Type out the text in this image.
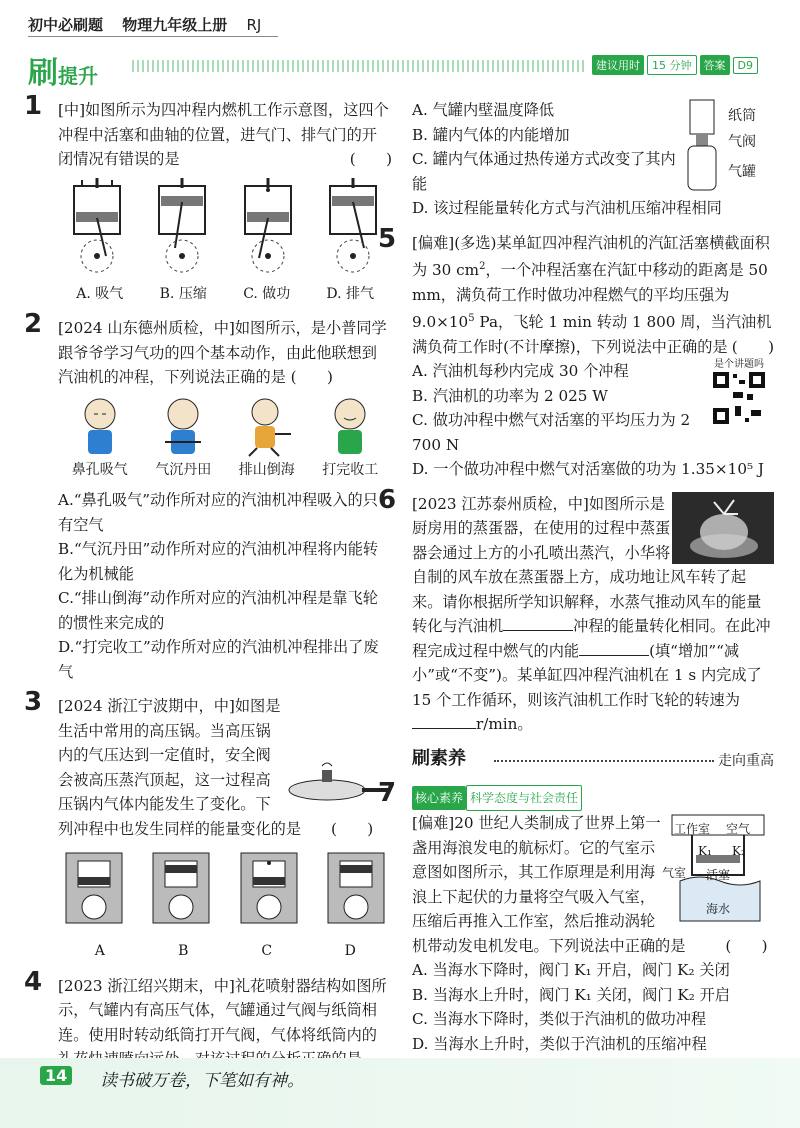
初中必刷题 物理九年级上册 RJ
刷提升	建议用时	15 分钟	答案	D9
1 [中]如图所示为四冲程内燃机工作示意图，这四个冲程中活塞和曲轴的位置，进气门、排气门的开闭情况有错误的是	(　　)

A. 吸气	B. 压缩	C. 做功	D. 排气
2 [2024 山东德州质检，中]如图所示，是小普同学跟爷爷学习气功的四个基本动作，由此他联想到汽油机的冲程，下列说法正确的是 (　　)

鼻孔吸气	气沉丹田	排山倒海	打完收工

A.“鼻孔吸气”动作所对应的汽油机冲程吸入的只有空气

B.“气沉丹田”动作所对应的汽油机冲程将内能转化为机械能

C.“排山倒海”动作所对应的汽油机冲程是靠飞轮的惯性来完成的

D.“打完收工”动作所对应的汽油机冲程排出了废气

3 [2024 浙江宁波期中，中]如图是生活中常用的高压锅。当高压锅内的气压达到一定值时，安全阀会被高压蒸汽顶起，这一过程高压锅内气体内能发生了变化。下列冲程中也发生同样的能量变化的是 (　　)

A	B	C	D
4 [2023 浙江绍兴期末，中]礼花喷射器结构如图所示，气罐内有高压气体，气罐通过气阀与纸筒相连。使用时转动纸筒打开气阀，气体将纸筒内的

纸筒
气阀
气罐

A. 气罐内壁温度降低

B. 罐内气体的内能增加

C. 罐内气体通过热传递方式改变了其内能

D. 该过程能量转化方式与汽油机压缩冲程相同

5 [偏难](多选)某单缸四冲程汽油机的汽缸活塞横截面积为 30 $cm^2$，一个冲程活塞在汽缸中移动的距离是 50 mm，满负荷工作时做功冲程燃气的平均压强为 $9.0\times 10^5$ Pa，飞轮 1 min 转动 1 800 周，当汽油机满负荷工作时(不计摩擦)，下列说法中正确的是 (　　)

是个讲题吗

A. 汽油机每秒内完成 30 个冲程

B. 汽油机的功率为 2 025 W

C. 做功冲程中燃气对活塞的平均压力为 2 700 N

D. 一个做功冲程中燃气对活塞做的功为 1.35×10⁵ J

6 [2023 江苏泰州质检，中]如图所示是厨房用的蒸蛋器，在使用的过程中蒸蛋器会通过上方的小孔喷出蒸汽，小华将自制的风车放在蒸蛋器上方，成功地让风车转了起来。请你根据所学知识解释，水蒸气推动风车的能量转化与汽油机	冲程的能量转化相同。在此冲程完成过程中燃气的内能	(填“增加”“减小”或“不变”)。某单缸四冲程汽油机在 1 s 内完成了 15 个工作循环，则该汽油机工作时飞轮的转速为r/min。

刷素养	走向重高
7 核心素养 科学态度与社会责任

工作室 空气
K₁ K₂
活塞
气室
海水

[偏难]20 世纪人类制成了世界上第一盏用海浪发电的航标灯。它的气室示意图如图所示，其工作原理是利用海浪上下起伏的力量将空气吸入气室，压缩后再推入工作室，然后推动涡轮机带动发电机发电。下列说法中正确的是	(　　)

A. 当海水下降时，阀门 K₁ 开启，阀门 K₂ 关闭

B. 当海水上升时，阀门 K₁ 关闭，阀门 K₂ 开启

C. 当海水下降时，类似于汽油机的做功冲程

D. 当海水上升时，类似于汽油机的压缩冲程

14 读书破万卷，下笔如有神。
